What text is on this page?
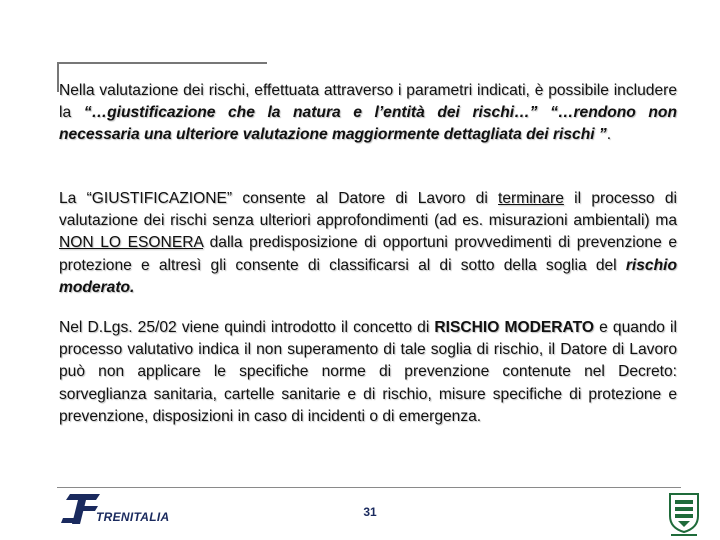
Nella valutazione dei rischi, effettuata attraverso i parametri indicati, è possibile includere la “…giustificazione che la natura e l’entità dei rischi…” “…rendono non necessaria una ulteriore valutazione maggiormente dettagliata dei rischi ”.

La “GIUSTIFICAZIONE” consente al Datore di Lavoro di terminare il processo di valutazione dei rischi senza ulteriori approfondimenti (ad es. misurazioni ambientali) ma NON LO ESONERA dalla predisposizione di opportuni provvedimenti di prevenzione e protezione e altresì gli consente di classificarsi al di sotto della soglia del rischio moderato.

Nel D.Lgs. 25/02 viene quindi introdotto il concetto di RISCHIO MODERATO e quando il processo valutativo indica il non superamento di tale soglia di rischio, il Datore di Lavoro può non applicare le specifiche norme di prevenzione contenute nel Decreto: sorveglianza sanitaria, cartelle sanitarie e di rischio, misure specifiche di protezione e prevenzione, disposizioni in caso di incidenti o di emergenza.

TRENITALIA	31
